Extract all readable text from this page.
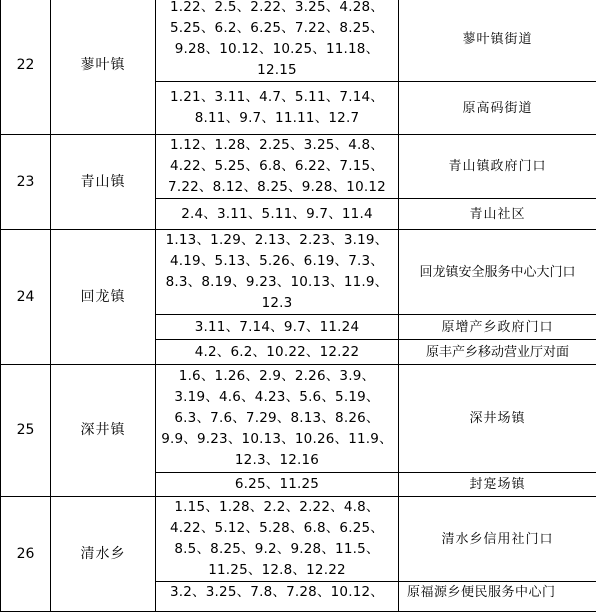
22	蓼叶镇	1.22、2.5、2.22、3.25、4.28、5.25、6.2、6.25、7.22、8.25、9.28、10.12、10.25、11.18、12.15	蓼叶镇街道
		1.21、3.11、4.7、5.11、7.14、8.11、9.7、11.11、12.7	原高码街道
23	青山镇	1.12、1.28、2.25、3.25、4.8、4.22、5.25、6.8、6.22、7.15、7.22、8.12、8.25、9.28、10.12	青山镇政府门口
		2.4、3.11、5.11、9.7、11.4	青山社区
24	回龙镇	1.13、1.29、2.13、2.23、3.19、4.19、5.13、5.26、6.19、7.3、8.3、8.19、9.23、10.13、11.9、12.3	回龙镇安全服务中心大门口
		3.11、7.14、9.7、11.24	原增产乡政府门口
		4.2、6.2、10.22、12.22	原丰产乡移动营业厅对面
25	深井镇	1.6、1.26、2.9、2.26、3.9、3.19、4.6、4.23、5.6、5.19、6.3、7.6、7.29、8.13、8.26、9.9、9.23、10.13、10.26、11.9、12.3、12.16	深井场镇
		6.25、11.25	封寔场镇
26	清水乡	1.15、1.28、2.2、2.22、4.8、4.22、5.12、5.28、6.8、6.25、8.5、8.25、9.2、9.28、11.5、11.25、12.8、12.22	清水乡信用社门口
		3.2、3.25、7.8、7.28、10.12、	原福源乡便民服务中心门
